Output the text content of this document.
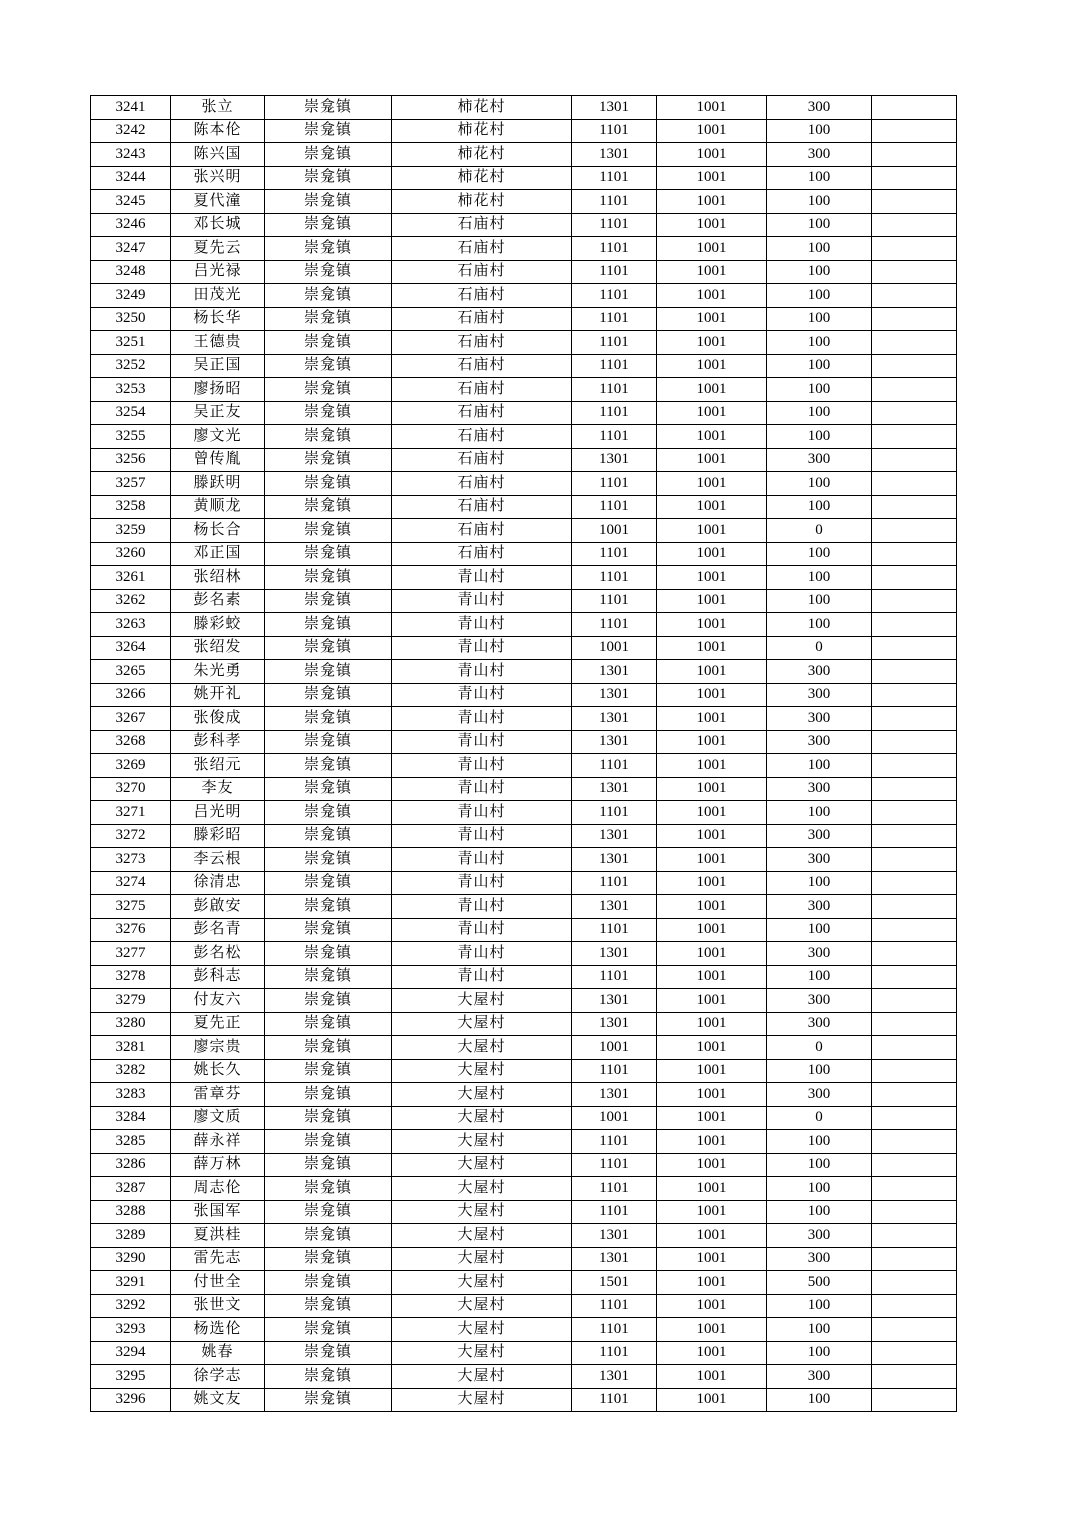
3241	张立	崇龛镇	柿花村	1301	1001	300	
3242	陈本伦	崇龛镇	柿花村	1101	1001	100	
3243	陈兴国	崇龛镇	柿花村	1301	1001	300	
3244	张兴明	崇龛镇	柿花村	1101	1001	100	
3245	夏代潼	崇龛镇	柿花村	1101	1001	100	
3246	邓长城	崇龛镇	石庙村	1101	1001	100	
3247	夏先云	崇龛镇	石庙村	1101	1001	100	
3248	吕光禄	崇龛镇	石庙村	1101	1001	100	
3249	田茂光	崇龛镇	石庙村	1101	1001	100	
3250	杨长华	崇龛镇	石庙村	1101	1001	100	
3251	王德贵	崇龛镇	石庙村	1101	1001	100	
3252	吴正国	崇龛镇	石庙村	1101	1001	100	
3253	廖扬昭	崇龛镇	石庙村	1101	1001	100	
3254	吴正友	崇龛镇	石庙村	1101	1001	100	
3255	廖文光	崇龛镇	石庙村	1101	1001	100	
3256	曾传胤	崇龛镇	石庙村	1301	1001	300	
3257	滕跃明	崇龛镇	石庙村	1101	1001	100	
3258	黄顺龙	崇龛镇	石庙村	1101	1001	100	
3259	杨长合	崇龛镇	石庙村	1001	1001	0	
3260	邓正国	崇龛镇	石庙村	1101	1001	100	
3261	张绍林	崇龛镇	青山村	1101	1001	100	
3262	彭名素	崇龛镇	青山村	1101	1001	100	
3263	滕彩蛟	崇龛镇	青山村	1101	1001	100	
3264	张绍发	崇龛镇	青山村	1001	1001	0	
3265	朱光勇	崇龛镇	青山村	1301	1001	300	
3266	姚开礼	崇龛镇	青山村	1301	1001	300	
3267	张俊成	崇龛镇	青山村	1301	1001	300	
3268	彭科孝	崇龛镇	青山村	1301	1001	300	
3269	张绍元	崇龛镇	青山村	1101	1001	100	
3270	李友	崇龛镇	青山村	1301	1001	300	
3271	吕光明	崇龛镇	青山村	1101	1001	100	
3272	滕彩昭	崇龛镇	青山村	1301	1001	300	
3273	李云根	崇龛镇	青山村	1301	1001	300	
3274	徐清忠	崇龛镇	青山村	1101	1001	100	
3275	彭啟安	崇龛镇	青山村	1301	1001	300	
3276	彭名青	崇龛镇	青山村	1101	1001	100	
3277	彭名松	崇龛镇	青山村	1301	1001	300	
3278	彭科志	崇龛镇	青山村	1101	1001	100	
3279	付友六	崇龛镇	大屋村	1301	1001	300	
3280	夏先正	崇龛镇	大屋村	1301	1001	300	
3281	廖宗贵	崇龛镇	大屋村	1001	1001	0	
3282	姚长久	崇龛镇	大屋村	1101	1001	100	
3283	雷章芬	崇龛镇	大屋村	1301	1001	300	
3284	廖文质	崇龛镇	大屋村	1001	1001	0	
3285	薛永祥	崇龛镇	大屋村	1101	1001	100	
3286	薛万林	崇龛镇	大屋村	1101	1001	100	
3287	周志伦	崇龛镇	大屋村	1101	1001	100	
3288	张国军	崇龛镇	大屋村	1101	1001	100	
3289	夏洪桂	崇龛镇	大屋村	1301	1001	300	
3290	雷先志	崇龛镇	大屋村	1301	1001	300	
3291	付世全	崇龛镇	大屋村	1501	1001	500	
3292	张世文	崇龛镇	大屋村	1101	1001	100	
3293	杨选伦	崇龛镇	大屋村	1101	1001	100	
3294	姚春	崇龛镇	大屋村	1101	1001	100	
3295	徐学志	崇龛镇	大屋村	1301	1001	300	
3296	姚文友	崇龛镇	大屋村	1101	1001	100	
